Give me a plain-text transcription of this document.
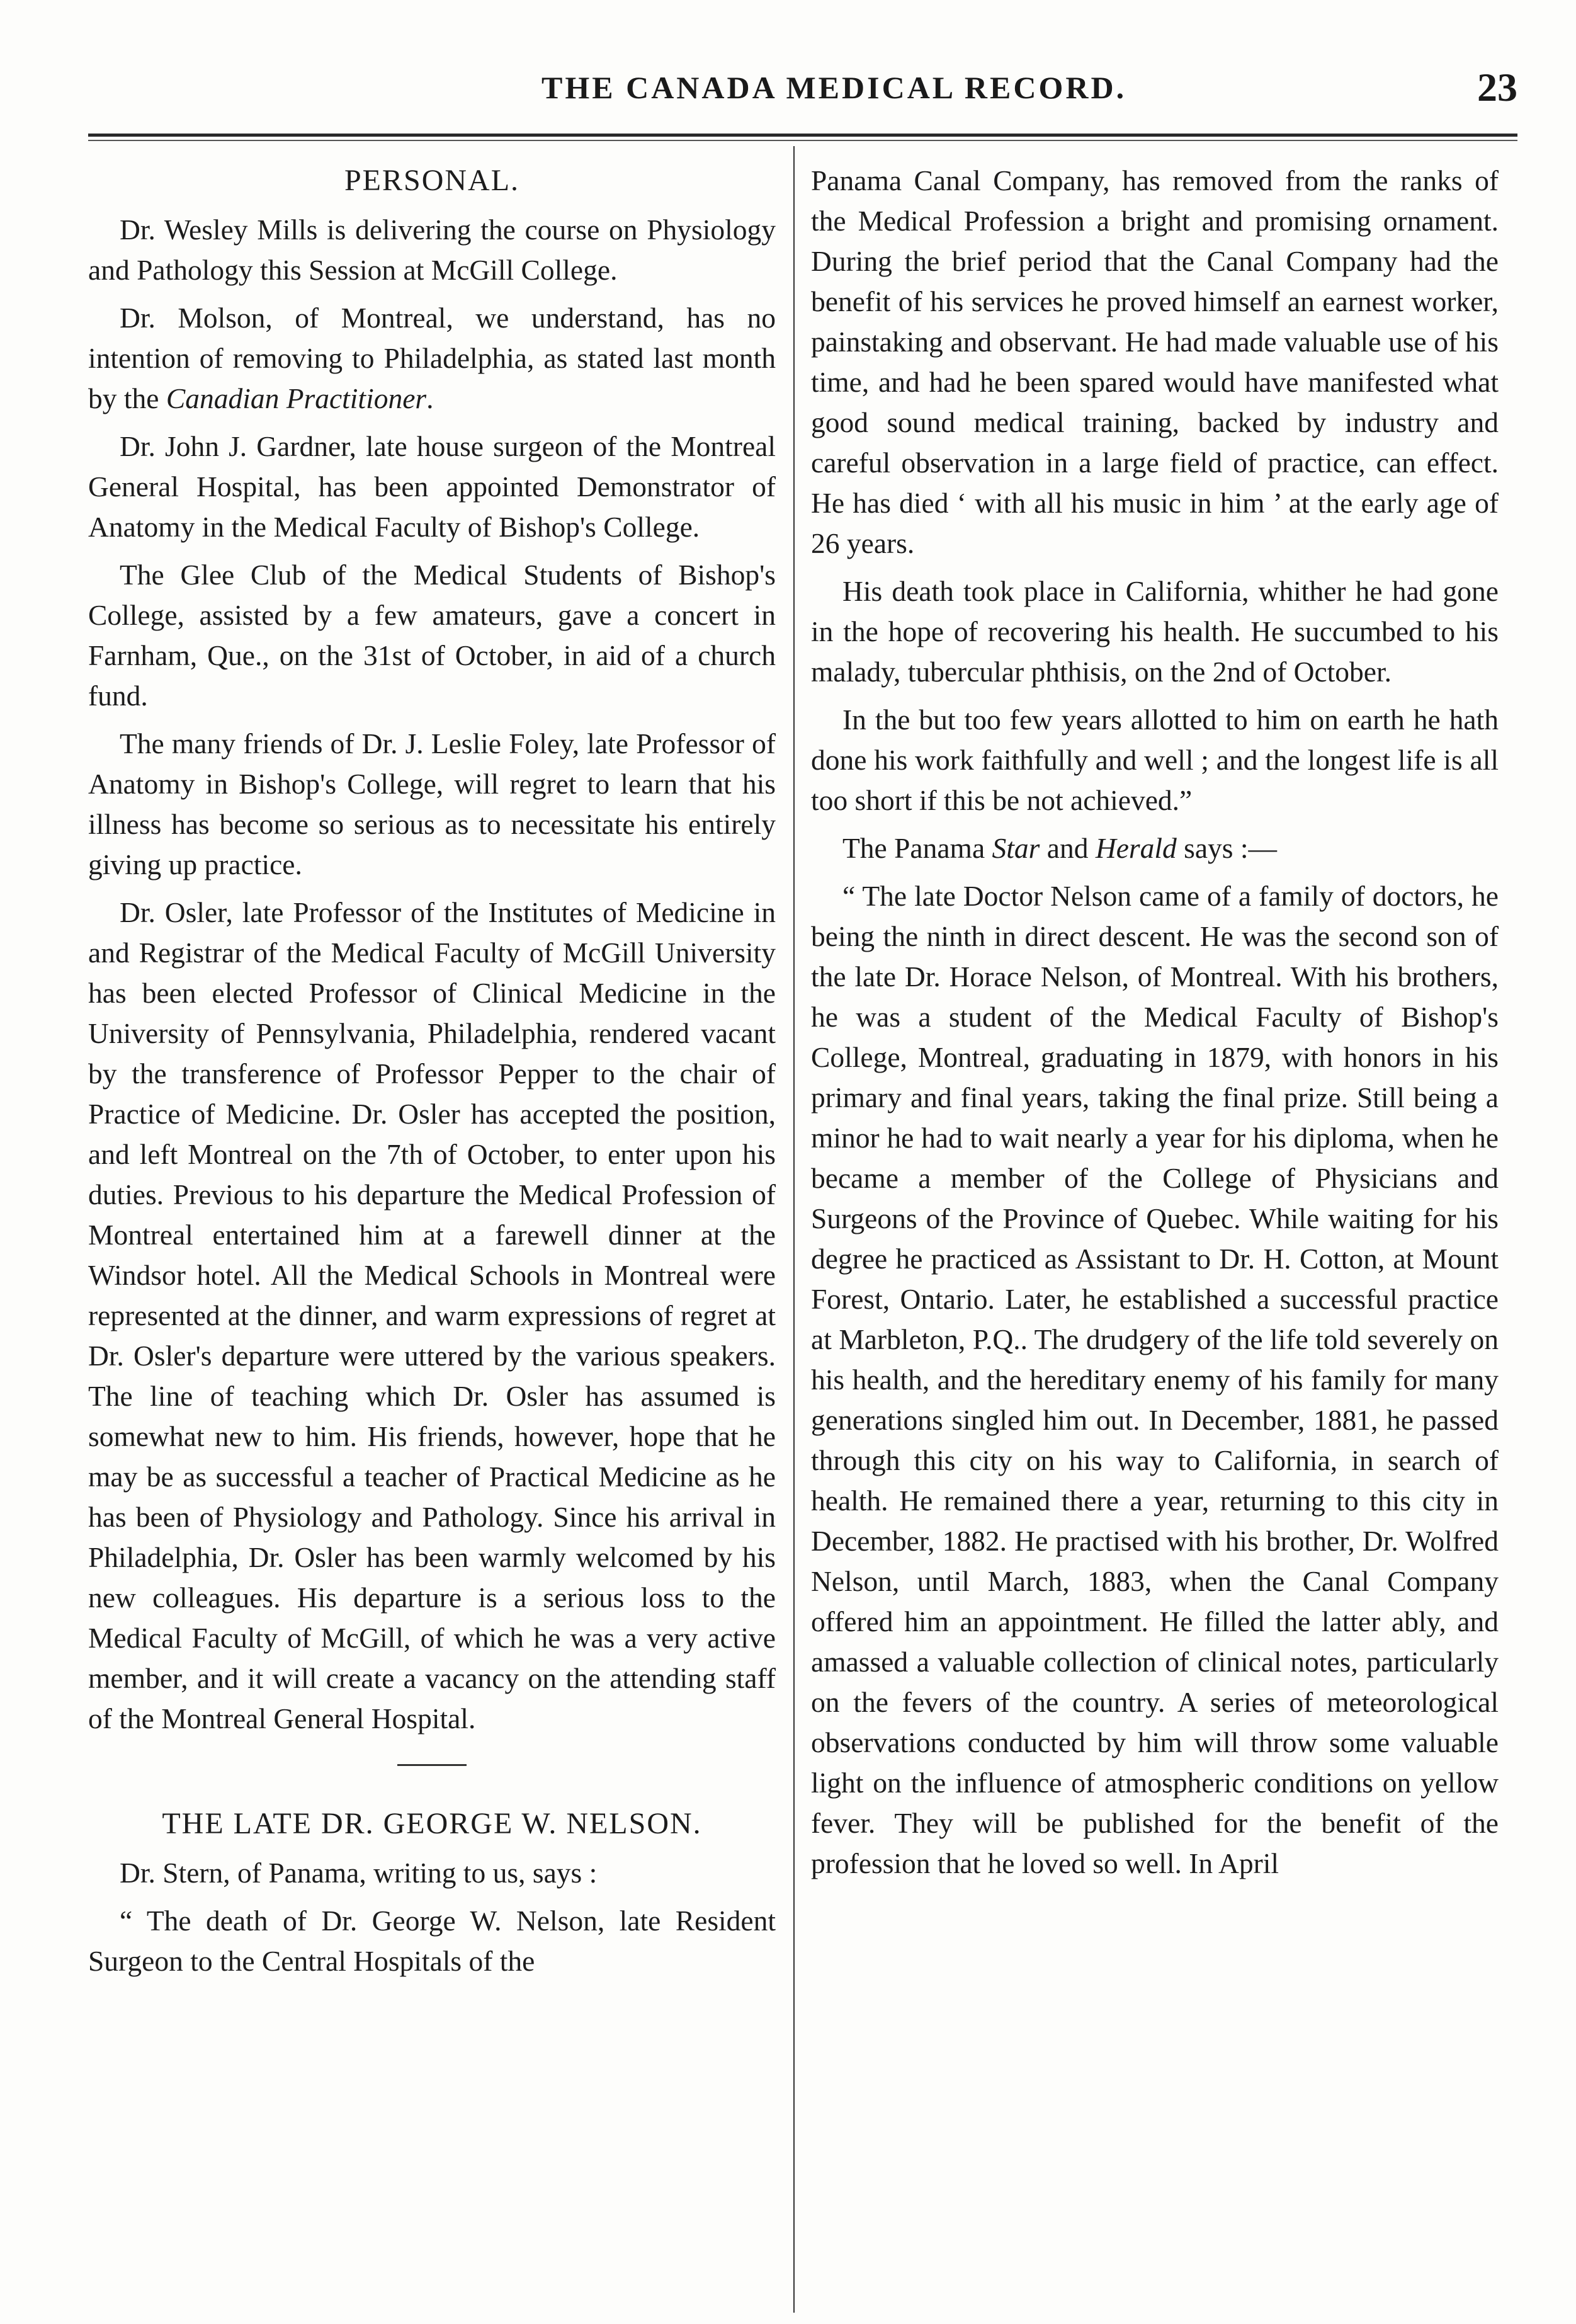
THE CANADA MEDICAL RECORD.	23
PERSONAL.

Dr. Wesley Mills is delivering the course on Physiology and Pathology this Session at McGill College.

Dr. Molson, of Montreal, we understand, has no intention of removing to Philadelphia, as stated last month by the Canadian Practitioner.

Dr. John J. Gardner, late house surgeon of the Montreal General Hospital, has been appointed Demonstrator of Anatomy in the Medical Faculty of Bishop's College.

The Glee Club of the Medical Students of Bishop's College, assisted by a few amateurs, gave a concert in Farnham, Que., on the 31st of October, in aid of a church fund.

The many friends of Dr. J. Leslie Foley, late Professor of Anatomy in Bishop's College, will regret to learn that his illness has become so serious as to necessitate his entirely giving up practice.

Dr. Osler, late Professor of the Institutes of Medicine in and Registrar of the Medical Faculty of McGill University has been elected Professor of Clinical Medicine in the University of Pennsylvania, Philadelphia, rendered vacant by the transference of Professor Pepper to the chair of Practice of Medicine. Dr. Osler has accepted the position, and left Montreal on the 7th of October, to enter upon his duties. Previous to his departure the Medical Profession of Montreal entertained him at a farewell dinner at the Windsor hotel. All the Medical Schools in Montreal were represented at the dinner, and warm expressions of regret at Dr. Osler's departure were uttered by the various speakers. The line of teaching which Dr. Osler has assumed is somewhat new to him. His friends, however, hope that he may be as successful a teacher of Practical Medicine as he has been of Physiology and Pathology. Since his arrival in Philadelphia, Dr. Osler has been warmly welcomed by his new colleagues. His departure is a serious loss to the Medical Faculty of McGill, of which he was a very active member, and it will create a vacancy on the attending staff of the Montreal General Hospital.

THE LATE DR. GEORGE W. NELSON.

Dr. Stern, of Panama, writing to us, says :

“ The death of Dr. George W. Nelson, late Resident Surgeon to the Central Hospitals of the

Panama Canal Company, has removed from the ranks of the Medical Profession a bright and promising ornament. During the brief period that the Canal Company had the benefit of his services he proved himself an earnest worker, painstaking and observant. He had made valuable use of his time, and had he been spared would have manifested what good sound medical training, backed by industry and careful observation in a large field of practice, can effect. He has died ‘ with all his music in him ’ at the early age of 26 years.

His death took place in California, whither he had gone in the hope of recovering his health. He succumbed to his malady, tubercular phthisis, on the 2nd of October.

In the but too few years allotted to him on earth he hath done his work faithfully and well ; and the longest life is all too short if this be not achieved.”

The Panama Star and Herald says :—

“ The late Doctor Nelson came of a family of doctors, he being the ninth in direct descent. He was the second son of the late Dr. Horace Nelson, of Montreal. With his brothers, he was a student of the Medical Faculty of Bishop's College, Montreal, graduating in 1879, with honors in his primary and final years, taking the final prize. Still being a minor he had to wait nearly a year for his diploma, when he became a member of the College of Physicians and Surgeons of the Province of Quebec. While waiting for his degree he practiced as Assistant to Dr. H. Cotton, at Mount Forest, Ontario. Later, he established a successful practice at Marbleton, P.Q.. The drudgery of the life told severely on his health, and the hereditary enemy of his family for many generations singled him out. In December, 1881, he passed through this city on his way to California, in search of health. He remained there a year, returning to this city in December, 1882. He practised with his brother, Dr. Wolfred Nelson, until March, 1883, when the Canal Company offered him an appointment. He filled the latter ably, and amassed a valuable collection of clinical notes, particularly on the fevers of the country. A series of meteorological observations conducted by him will throw some valuable light on the influence of atmospheric conditions on yellow fever. They will be published for the benefit of the profession that he loved so well. In April
